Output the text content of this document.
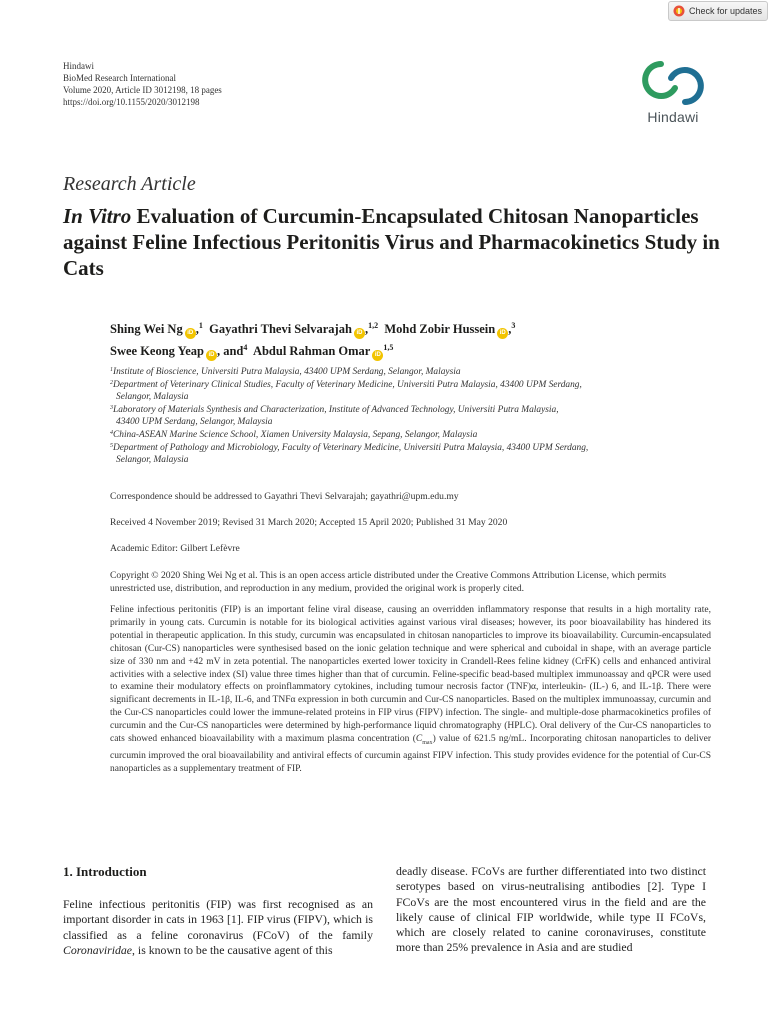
Check for updates
Hindawi
BioMed Research International
Volume 2020, Article ID 3012198, 18 pages
https://doi.org/10.1155/2020/3012198
Hindawi
Research Article
In Vitro Evaluation of Curcumin-Encapsulated Chitosan Nanoparticles against Feline Infectious Peritonitis Virus and Pharmacokinetics Study in Cats
Shing Wei Ng iD ,$^1$ Gayathri Thevi Selvarajah iD ,$^{1,2}$ Mohd Zobir Hussein iD ,$^3$
Swee Keong Yeap iD , and$^4$ Abdul Rahman Omar iD$^{1,5}$
$^1$Institute of Bioscience, Universiti Putra Malaysia, 43400 UPM Serdang, Selangor, Malaysia
$^2$Department of Veterinary Clinical Studies, Faculty of Veterinary Medicine, Universiti Putra Malaysia, 43400 UPM Serdang,
Selangor, Malaysia
$^3$Laboratory of Materials Synthesis and Characterization, Institute of Advanced Technology, Universiti Putra Malaysia,
43400 UPM Serdang, Selangor, Malaysia
$^4$China-ASEAN Marine Science School, Xiamen University Malaysia, Sepang, Selangor, Malaysia
$^5$Department of Pathology and Microbiology, Faculty of Veterinary Medicine, Universiti Putra Malaysia, 43400 UPM Serdang,
Selangor, Malaysia
Correspondence should be addressed to Gayathri Thevi Selvarajah; gayathri@upm.edu.my
Received 4 November 2019; Revised 31 March 2020; Accepted 15 April 2020; Published 31 May 2020
Academic Editor: Gilbert Lefèvre
Copyright © 2020 Shing Wei Ng et al. This is an open access article distributed under the Creative Commons Attribution License, which permits unrestricted use, distribution, and reproduction in any medium, provided the original work is properly cited.
Feline infectious peritonitis (FIP) is an important feline viral disease, causing an overridden inflammatory response that results in a high mortality rate, primarily in young cats. Curcumin is notable for its biological activities against various viral diseases; however, its poor bioavailability has hindered its potential in therapeutic application. In this study, curcumin was encapsulated in chitosan nanoparticles to improve its bioavailability. Curcumin-encapsulated chitosan (Cur-CS) nanoparticles were synthesised based on the ionic gelation technique and were spherical and cuboidal in shape, with an average particle size of 330 nm and +42 mV in zeta potential. The nanoparticles exerted lower toxicity in Crandell-Rees feline kidney (CrFK) cells and enhanced antiviral activities with a selective index (SI) value three times higher than that of curcumin. Feline-specific bead-based multiplex immunoassay and qPCR were used to examine their modulatory effects on proinflammatory cytokines, including tumour necrosis factor (TNF)α, interleukin- (IL-) 6, and IL-1β. There were significant decrements in IL-1β, IL-6, and TNFα expression in both curcumin and Cur-CS nanoparticles. Based on the multiplex immunoassay, curcumin and the Cur-CS nanoparticles could lower the immune-related proteins in FIP virus (FIPV) infection. The single- and multiple-dose pharmacokinetics profiles of curcumin and the Cur-CS nanoparticles were determined by high-performance liquid chromatography (HPLC). Oral delivery of the Cur-CS nanoparticles to cats showed enhanced bioavailability with a maximum plasma concentration $(C_{max})$ value of 621.5 ng/mL. Incorporating chitosan nanoparticles to deliver curcumin improved the oral bioavailability and antiviral effects of curcumin against FIPV infection. This study provides evidence for the potential of Cur-CS nanoparticles as a supplementary treatment of FIP.
1. Introduction
Feline infectious peritonitis (FIP) was first recognised as an important disorder in cats in 1963 [1]. FIP virus (FIPV), which is classified as a feline coronavirus (FCoV) of the family Coronaviridae, is known to be the causative agent of this
deadly disease. FCoVs are further differentiated into two distinct serotypes based on virus-neutralising antibodies [2]. Type I FCoVs are the most encountered virus in the field and are the likely cause of clinical FIP worldwide, while type II FCoVs, which are closely related to canine coronaviruses, constitute more than 25% prevalence in Asia and are studied
